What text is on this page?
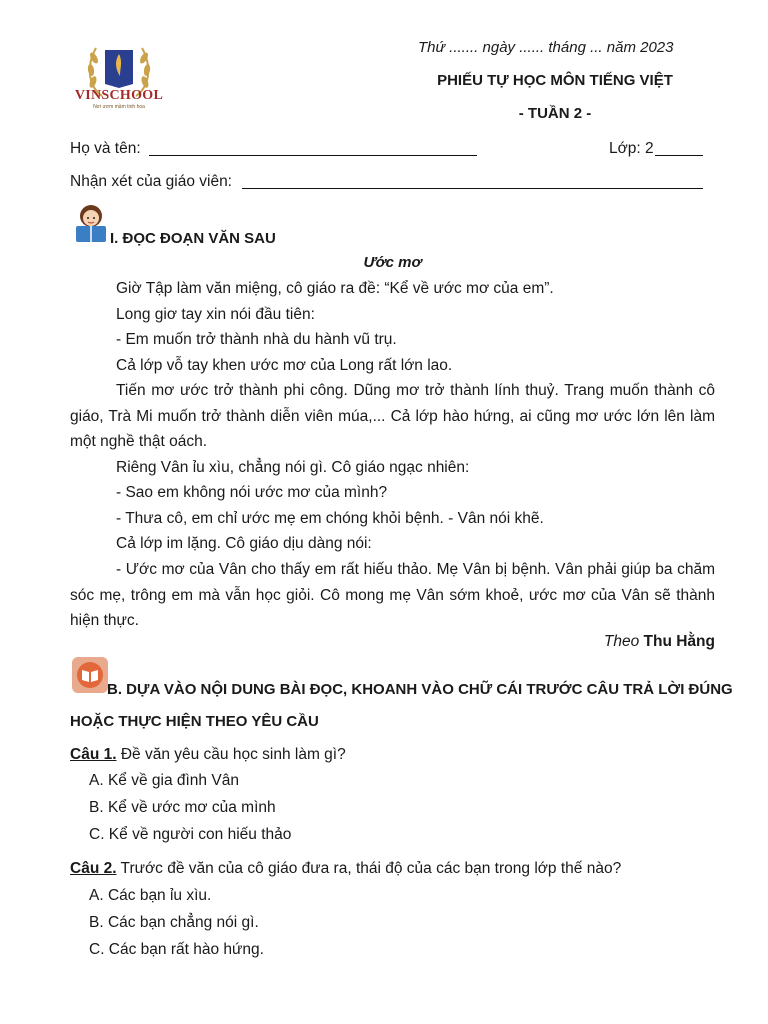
VINSCHOOL
Nơi ươm mầm tinh hoa
Thứ ....... ngày ...... tháng ... năm 2023
PHIẾU TỰ HỌC MÔN TIẾNG VIỆT
- TUẦN 2 -
Họ và tên:	Lớp: 2
Nhận xét của giáo viên:
I. ĐỌC ĐOẠN VĂN SAU
Ước mơ
Giờ Tập làm văn miệng, cô giáo ra đề: “Kể về ước mơ của em”.
Long giơ tay xin nói đầu tiên:
- Em muốn trở thành nhà du hành vũ trụ.
Cả lớp vỗ tay khen ước mơ của Long rất lớn lao.
Tiến mơ ước trở thành phi công. Dũng mơ trở thành lính thuỷ. Trang muốn thành cô giáo, Trà Mi muốn trở thành diễn viên múa,... Cả lớp hào hứng, ai cũng mơ ước lớn lên làm một nghề thật oách.
Riêng Vân ỉu xìu, chẳng nói gì. Cô giáo ngạc nhiên:
- Sao em không nói ước mơ của mình?
- Thưa cô, em chỉ ước mẹ em chóng khỏi bệnh. - Vân nói khẽ.
Cả lớp im lặng. Cô giáo dịu dàng nói:
- Ước mơ của Vân cho thấy em rất hiếu thảo. Mẹ Vân bị bệnh. Vân phải giúp ba chăm sóc mẹ, trông em mà vẫn học giỏi. Cô mong mẹ Vân sớm khoẻ, ước mơ của Vân sẽ thành hiện thực.
Theo Thu Hằng
B. DỰA VÀO NỘI DUNG BÀI ĐỌC, KHOANH VÀO CHỮ CÁI TRƯỚC CÂU TRẢ LỜI ĐÚNG
HOẶC THỰC HIỆN THEO YÊU CẦU
Câu 1. Đề văn yêu cầu học sinh làm gì?
A. Kể về gia đình Vân
B. Kể về ước mơ của mình
C. Kể về người con hiếu thảo
Câu 2. Trước đề văn của cô giáo đưa ra, thái độ của các bạn trong lớp thế nào?
A. Các bạn ỉu xìu.
B. Các bạn chẳng nói gì.
C. Các bạn rất hào hứng.
